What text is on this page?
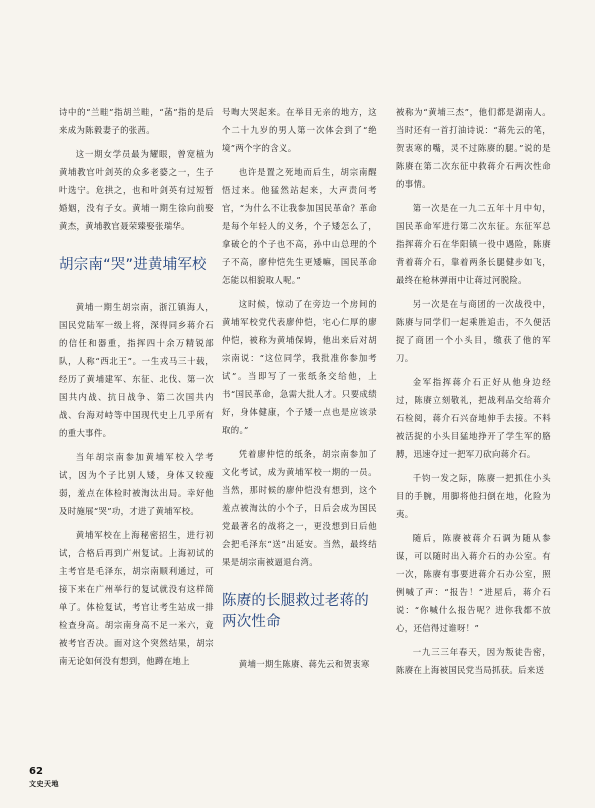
诗中的“兰畦”指胡兰畦，“菡”指的是后来成为陈毅妻子的张茜。

这一期女学员最为耀眼，曾宽植为黄埔教官叶剑英的众多老婆之一，生子叶选宁。危拱之，也和叶剑英有过短暂婚姻，没有子女。黄埔一期生徐向前娶黄杰，黄埔教官聂荣臻娶张瑞华。

胡宗南“哭”进黄埔军校

黄埔一期生胡宗南，浙江镇海人，国民党陆军一级上将，深得同乡蒋介石的信任和器重，指挥四十余万精锐部队，人称“西北王”。一生戎马三十载，经历了黄埔建军、东征、北伐、第一次国共内战、抗日战争、第二次国共内战、台海对峙等中国现代史上几乎所有的重大事件。

当年胡宗南参加黄埔军校入学考试，因为个子比别人矮，身体又较瘦弱，羞点在体检时被淘汰出局。幸好他及时施展“哭”功，才进了黄埔军校。

黄埔军校在上海秘密招生，进行初试，合格后再到广州复试。上海初试的主考官是毛泽东，胡宗南顺利通过，可接下来在广州举行的复试就没有这样简单了。体检复试，考官让考生站成一排检查身高。胡宗南身高不足一米六，竟被考官否决。面对这个突然结果，胡宗南无论如何没有想到，他蹲在地上

号啕大哭起来。在举目无亲的地方，这个二十九岁的男人第一次体会到了“绝境”两个字的含义。

也许是置之死地而后生，胡宗南醒悟过来。他猛然站起来，大声责问考官，“为什么不让我参加国民革命？革命是每个年轻人的义务，个子矮怎么了，拿破仑的个子也不高，孙中山总理的个子不高，廖仲恺先生更矮嘛，国民革命怎能以相貌取人呢。”

这时候，惊动了在旁边一个房间的黄埔军校党代表廖仲恺，宅心仁厚的廖仲恺，被称为黄埔保姆，他出来后对胡宗南说：“这位同学，我批准你参加考试”。当即写了一张纸条交给他，上书“国民革命，急需大批人才。只要成绩好，身体健康，个子矮一点也是应该录取的。”

凭着廖仲恺的纸条，胡宗南参加了文化考试，成为黄埔军校一期的一员。当然，那时候的廖仲恺没有想到，这个羞点被淘汰的小个子，日后会成为国民党最著名的战将之一，更没想到日后他会把毛泽东“送”出延安。当然，最终结果是胡宗南被逼退台湾。

陈赓的长腿救过老蒋的两次性命

黄埔一期生陈赓、蒋先云和贺衷寒

被称为“黄埔三杰”，他们都是湖南人。当时还有一首打油诗说：“蒋先云的笔，贺衷寒的嘴，灵不过陈赓的腿。”说的是陈赓在第二次东征中救蒋介石两次性命的事情。

第一次是在一九二五年十月中旬，国民革命军进行第二次东征。东征军总指挥蒋介石在华阳镇一役中遇险，陈赓背着蒋介石，靠着两条长腿健步如飞，最终在枪林弹雨中让蒋过河脱险。

另一次是在与商团的一次战役中，陈赓与同学们一起乘胜追击，不久便活捉了商团一个小头目，缴获了他的军刀。

金军指挥蒋介石正好从他身边经过，陈赓立刻敬礼，把战利品交给蒋介石检阅，蒋介石兴奋地伸手去接。不料被活捉的小头目猛地挣开了学生军的胳膊，迅速夺过一把军刀砍向蒋介石。

千钧一发之际，陈赓一把抓住小头目的手腕，用脚将他扫倒在地，化险为夷。

随后，陈赓被蒋介石调为随从参谋，可以随时出入蒋介石的办公室。有一次，陈赓有事要进蒋介石办公室，照例喊了声：“报告！”进屋后，蒋介石说：“你喊什么报告呢？进你我都不放心，还信得过谁呀！”

一九三三年春天，因为叛徒告密，陈赓在上海被国民党当局抓获。后来送

62
文史天地
